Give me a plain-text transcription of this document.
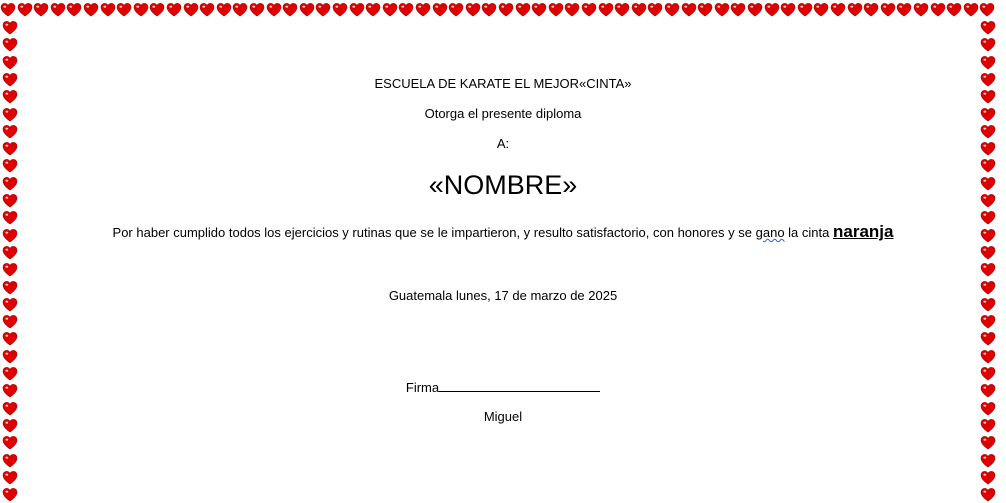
ESCUELA DE KARATE EL MEJOR«CINTA»
Otorga el presente diploma
A:
«NOMBRE»
Por haber cumplido todos los ejercicios y rutinas que se le impartieron, y resulto satisfactorio, con honores y se gano la cinta naranja
Guatemala lunes, 17 de marzo de 2025
Firma
Miguel
